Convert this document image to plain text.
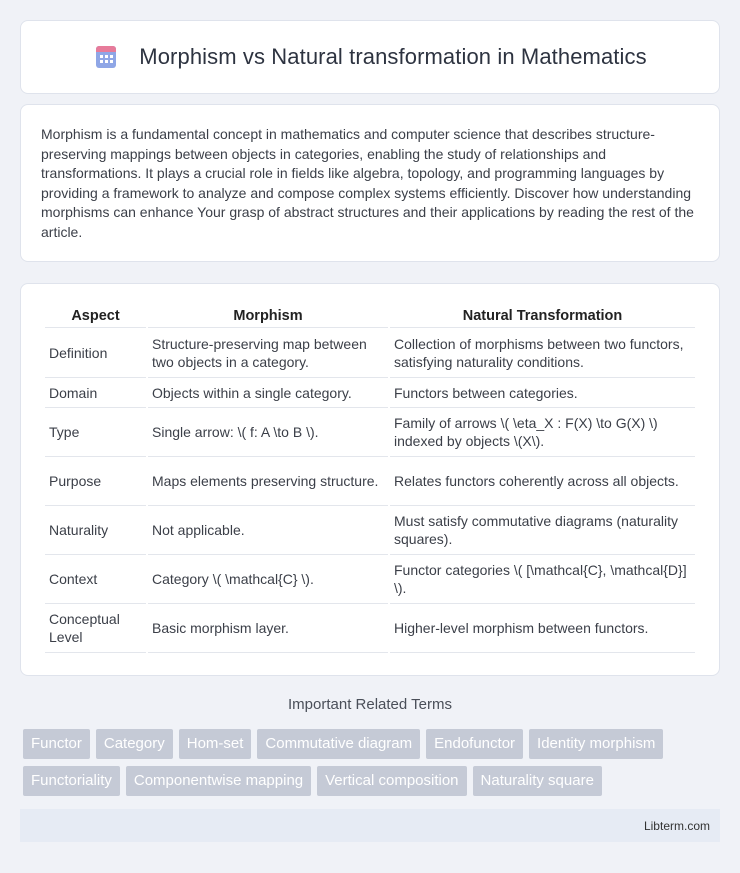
Morphism vs Natural transformation in Mathematics

Morphism is a fundamental concept in mathematics and computer science that describes structure-preserving mappings between objects in categories, enabling the study of relationships and transformations. It plays a crucial role in fields like algebra, topology, and programming languages by providing a framework to analyze and compose complex systems efficiently. Discover how understanding morphisms can enhance Your grasp of abstract structures and their applications by reading the rest of the article.

Aspect	Morphism	Natural Transformation
Definition	Structure-preserving map between two objects in a category.	Collection of morphisms between two functors, satisfying naturality conditions.
Domain	Objects within a single category.	Functors between categories.
Type	Single arrow: \( f: A \to B \).	Family of arrows \( \eta_X : F(X) \to G(X) \) indexed by objects \(X\).
Purpose	Maps elements preserving structure.	Relates functors coherently across all objects.
Naturality	Not applicable.	Must satisfy commutative diagrams (naturality squares).
Context	Category \( \mathcal{C} \).	Functor categories \( [\mathcal{C}, \mathcal{D}] \).
Conceptual Level	Basic morphism layer.	Higher-level morphism between functors.
Important Related Terms
Functor	Category	Hom-set	Commutative diagram	Endofunctor	Identity morphism
Functoriality	Componentwise mapping	Vertical composition	Naturality square
Libterm.com
